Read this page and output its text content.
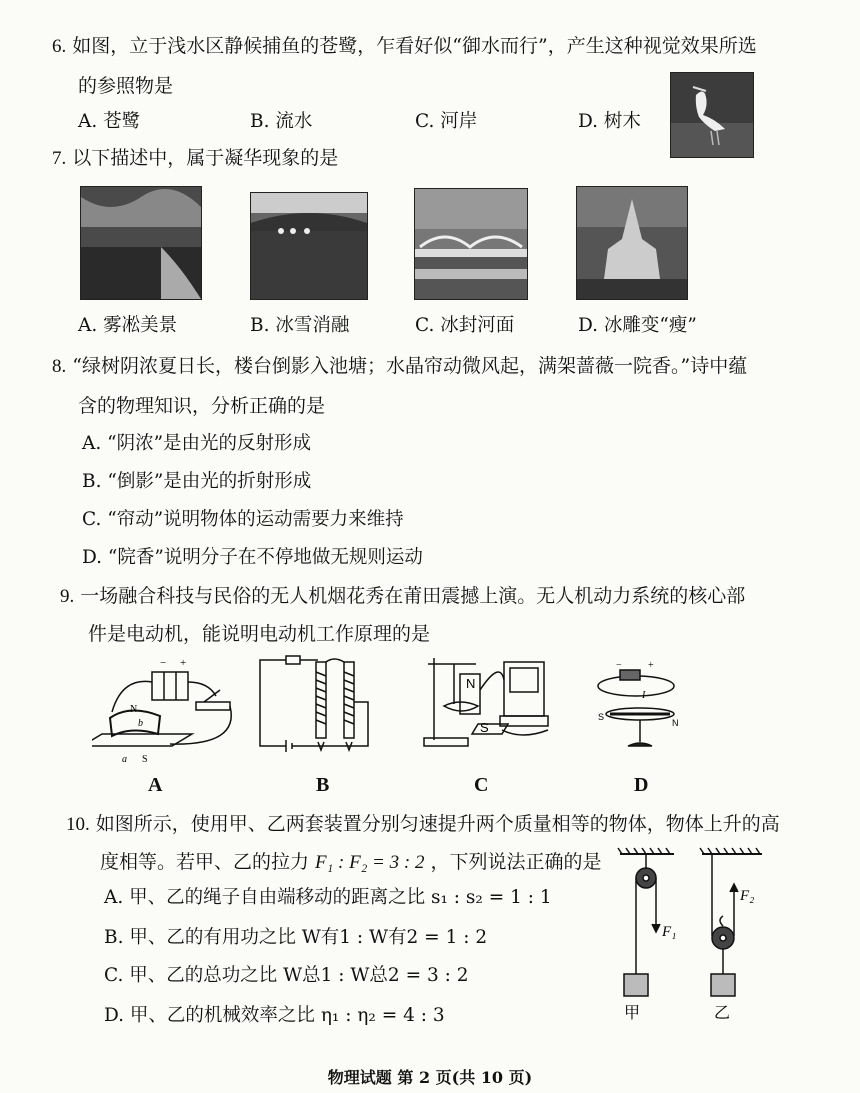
6. 如图，立于浅水区静候捕鱼的苍鹭，乍看好似“御水而行”，产生这种视觉效果所选
的参照物是
A. 苍鹭	B. 流水	C. 河岸	D. 树木
7. 以下描述中，属于凝华现象的是
A. 雾凇美景	B. 冰雪消融	C. 冰封河面	D. 冰雕变“瘦”
8. “绿树阴浓夏日长，楼台倒影入池塘；水晶帘动微风起，满架蔷薇一院香。”诗中蕴
含的物理知识，分析正确的是
A. “阴浓”是由光的反射形成
B. “倒影”是由光的折射形成
C. “帘动”说明物体的运动需要力来维持
D. “院香”说明分子在不停地做无规则运动
9. 一场融合科技与民俗的无人机烟花秀在莆田震撼上演。无人机动力系统的核心部
件是电动机，能说明电动机工作原理的是
− +
N
b
a S
A	B
N
S
C
−	+
I
S
N
D
10. 如图所示，使用甲、乙两套装置分别匀速提升两个质量相等的物体，物体上升的高
度相等。若甲、乙的拉力 F₁ : F₂ = 3 : 2 ，下列说法正确的是
A. 甲、乙的绳子自由端移动的距离之比 s₁ : s₂ = 1 : 1
B. 甲、乙的有用功之比 W有1 : W有2 = 1 : 2
C. 甲、乙的总功之比 W总1 : W总2 = 3 : 2
D. 甲、乙的机械效率之比 η₁ : η₂ = 4 : 3
F₁
F₂
甲	乙
物理试题 第 2 页(共 10 页)
